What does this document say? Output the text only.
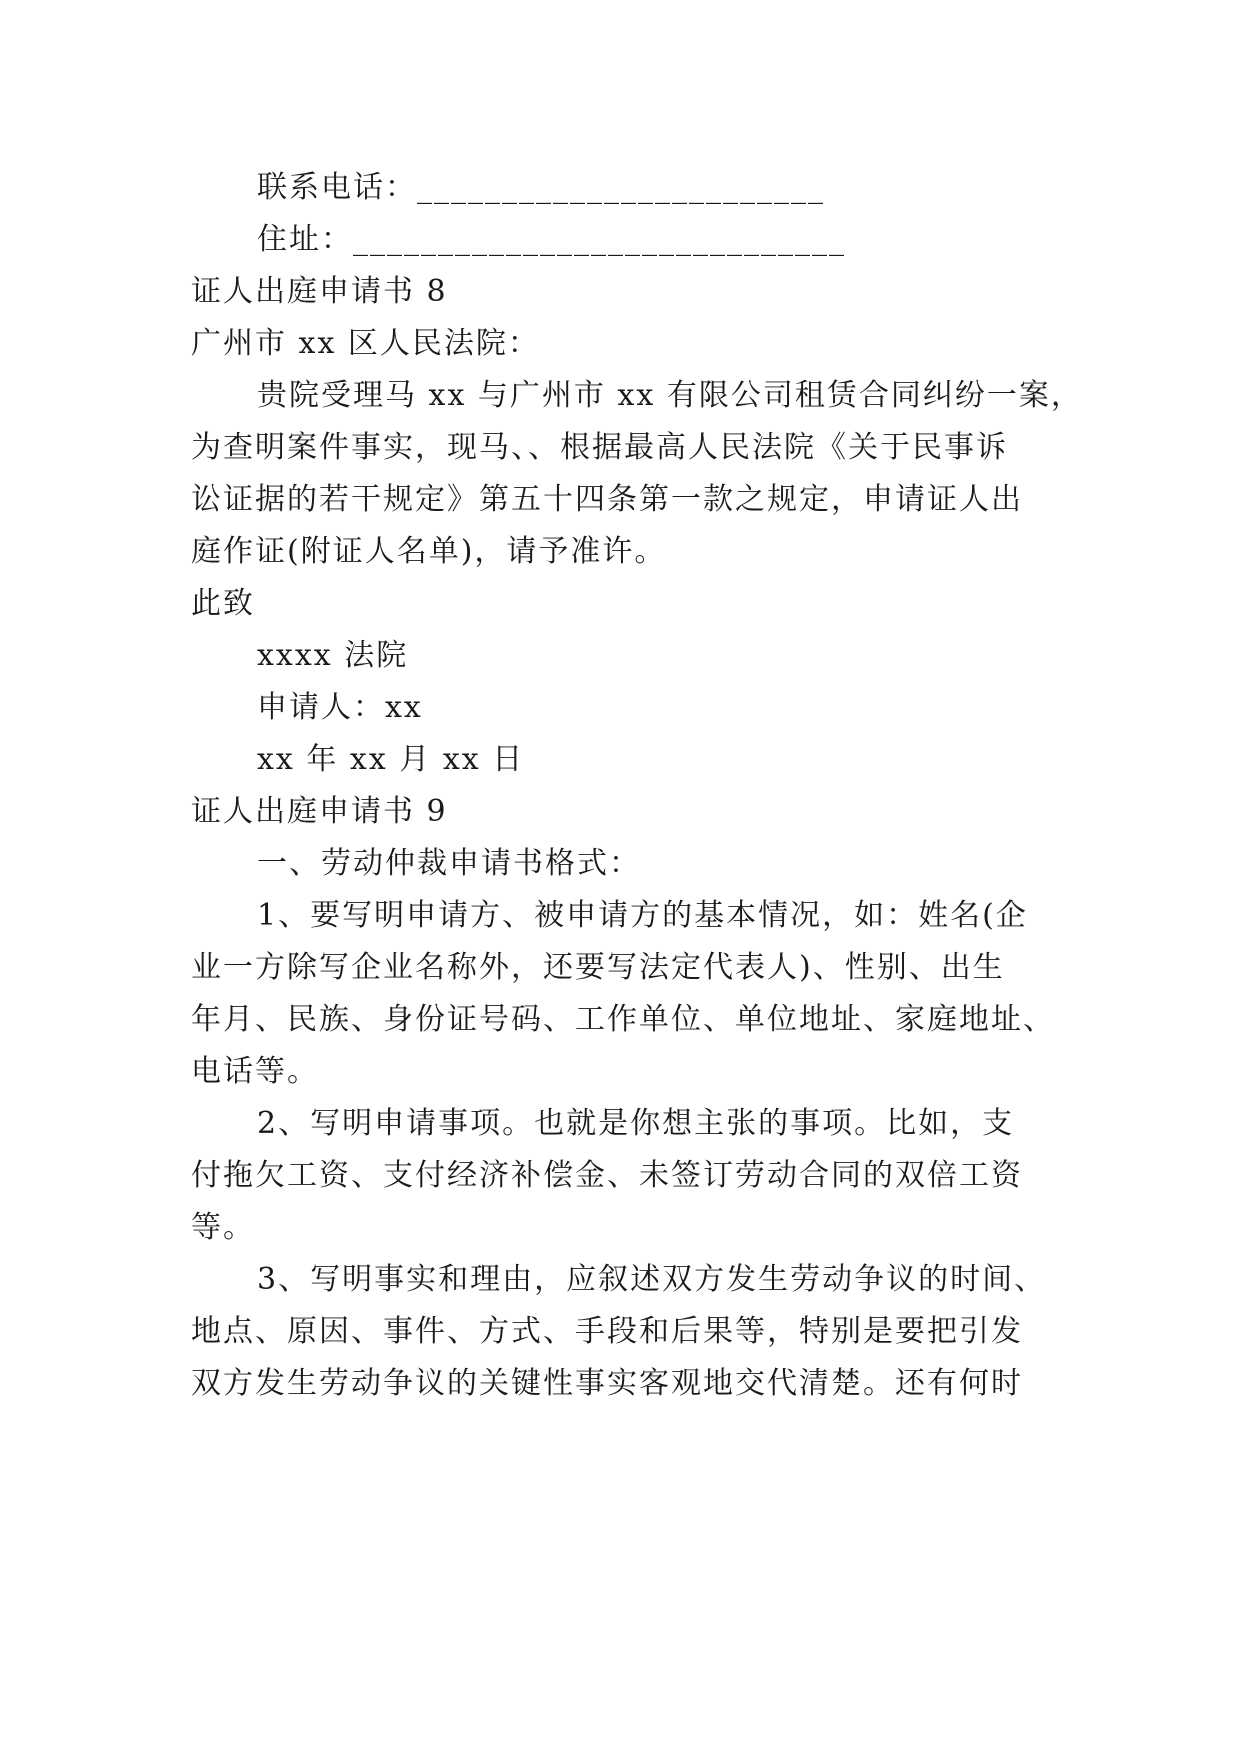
联系电话：________________________
住址：_____________________________
证人出庭申请书 8
广州市 xx 区人民法院：
贵院受理马 xx 与广州市 xx 有限公司租赁合同纠纷一案，
为查明案件事实，现马、、根据最高人民法院《关于民事诉
讼证据的若干规定》第五十四条第一款之规定，申请证人出
庭作证(附证人名单)，请予准许。
此致
xxxx 法院
申请人：xx
xx 年 xx 月 xx 日
证人出庭申请书 9
一、劳动仲裁申请书格式：
1、要写明申请方、被申请方的基本情况，如：姓名(企
业一方除写企业名称外，还要写法定代表人)、性别、出生
年月、民族、身份证号码、工作单位、单位地址、家庭地址、
电话等。
2、写明申请事项。也就是你想主张的事项。比如，支
付拖欠工资、支付经济补偿金、未签订劳动合同的双倍工资
等。
3、写明事实和理由，应叙述双方发生劳动争议的时间、
地点、原因、事件、方式、手段和后果等，特别是要把引发
双方发生劳动争议的关键性事实客观地交代清楚。还有何时
